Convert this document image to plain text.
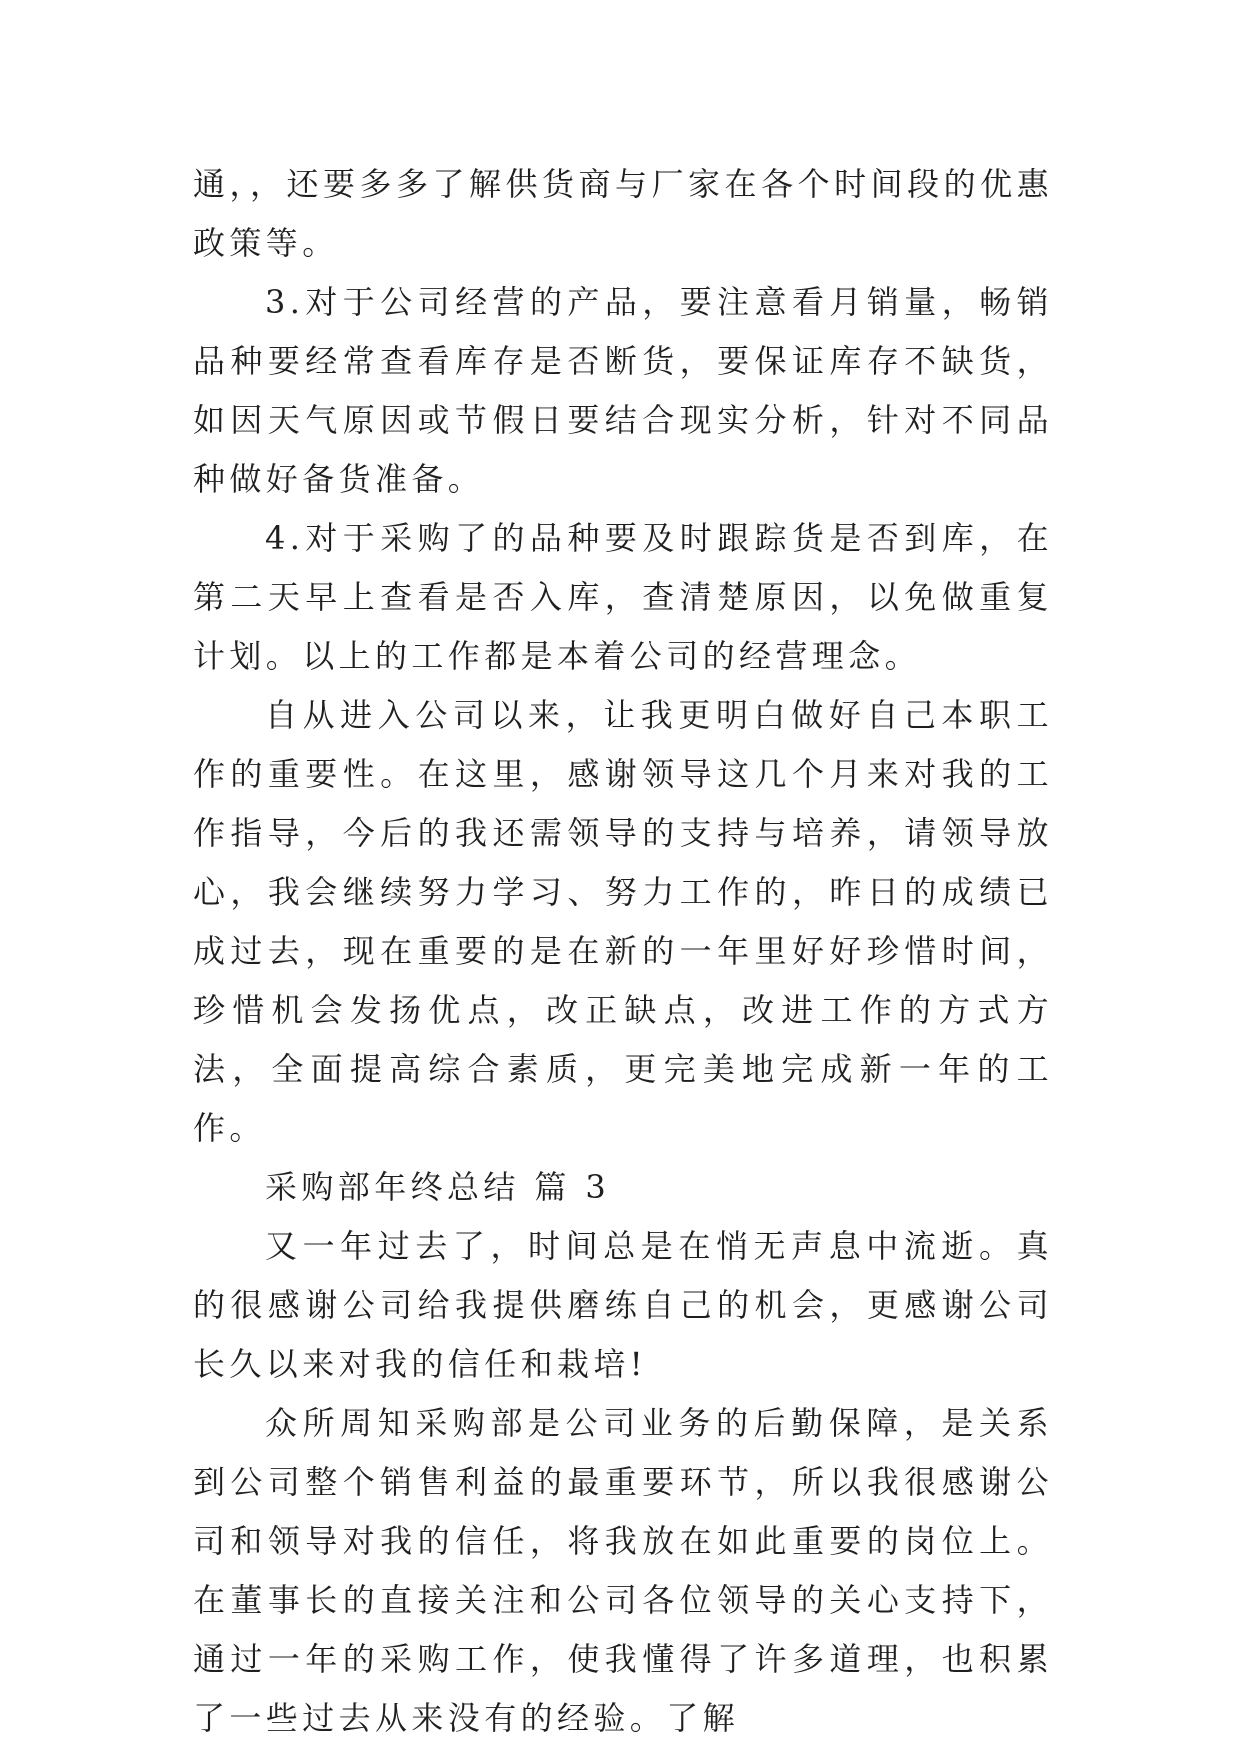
通，，还要多多了解供货商与厂家在各个时间段的优惠政策等。

3.对于公司经营的产品，要注意看月销量，畅销品种要经常查看库存是否断货，要保证库存不缺货，如因天气原因或节假日要结合现实分析，针对不同品种做好备货准备。

4.对于采购了的品种要及时跟踪货是否到库，在第二天早上查看是否入库，查清楚原因，以免做重复计划。以上的工作都是本着公司的经营理念。

自从进入公司以来，让我更明白做好自己本职工作的重要性。在这里，感谢领导这几个月来对我的工作指导，今后的我还需领导的支持与培养，请领导放心，我会继续努力学习、努力工作的，昨日的成绩已成过去，现在重要的是在新的一年里好好珍惜时间，珍惜机会发扬优点，改正缺点，改进工作的方式方法，全面提高综合素质，更完美地完成新一年的工作。

采购部年终总结 篇 3

又一年过去了，时间总是在悄无声息中流逝。真的很感谢公司给我提供磨练自己的机会，更感谢公司长久以来对我的信任和栽培!

众所周知采购部是公司业务的后勤保障，是关系到公司整个销售利益的最重要环节，所以我很感谢公司和领导对我的信任，将我放在如此重要的岗位上。在董事长的直接关注和公司各位领导的关心支持下，通过一年的采购工作，使我懂得了许多道理，也积累了一些过去从来没有的经验。了解
